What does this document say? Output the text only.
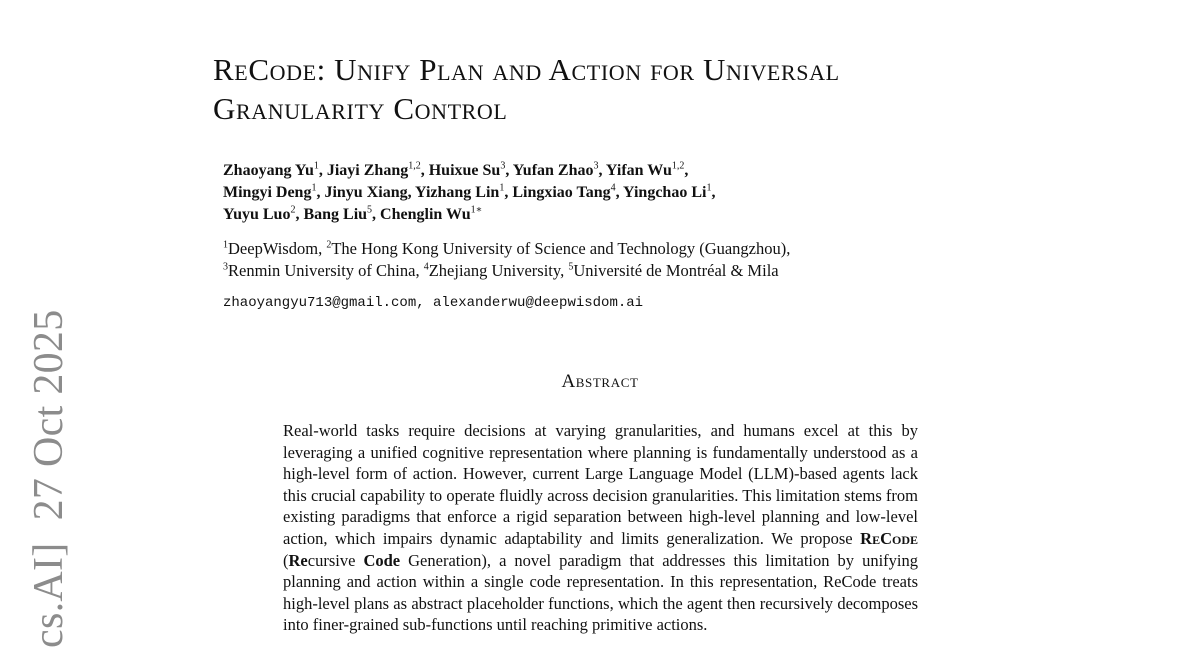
cs.AI]27 Oct 2025
ReCode: Unify Plan and Action for Universal Granularity Control
Zhaoyang Yu$^1$, Jiayi Zhang$^{1,2}$, Huixue Su$^3$, Yufan Zhao$^3$, Yifan Wu$^{1,2}$,
Mingyi Deng$^1$, Jinyu Xiang, Yizhang Lin$^1$, Lingxiao Tang$^4$, Yingchao Li$^1$,
Yuyu Luo$^2$, Bang Liu$^5$, Chenglin $Wu^{1∗}$
$^1$DeepWisdom, $^2$The Hong Kong University of Science and Technology (Guangzhou),
$^3$Renmin University of China, $^4$Zhejiang University, $^5$Université de Montréal & Mila
zhaoyangyu713@gmail.com, alexanderwu@deepwisdom.ai
Abstract

Real-world tasks require decisions at varying granularities, and humans excel at this by leveraging a unified cognitive representation where planning is fundamentally understood as a high-level form of action. However, current Large Language Model (LLM)-based agents lack this crucial capability to operate fluidly across decision granularities. This limitation stems from existing paradigms that enforce a rigid separation between high-level planning and low-level action, which impairs dynamic adaptability and limits generalization. We propose ReCode (Recursive Code Generation), a novel paradigm that addresses this limitation by unifying planning and action within a single code representation. In this representation, ReCode treats high-level plans as abstract placeholder functions, which the agent then recursively decomposes into finer-grained sub-functions until reaching primitive actions.
